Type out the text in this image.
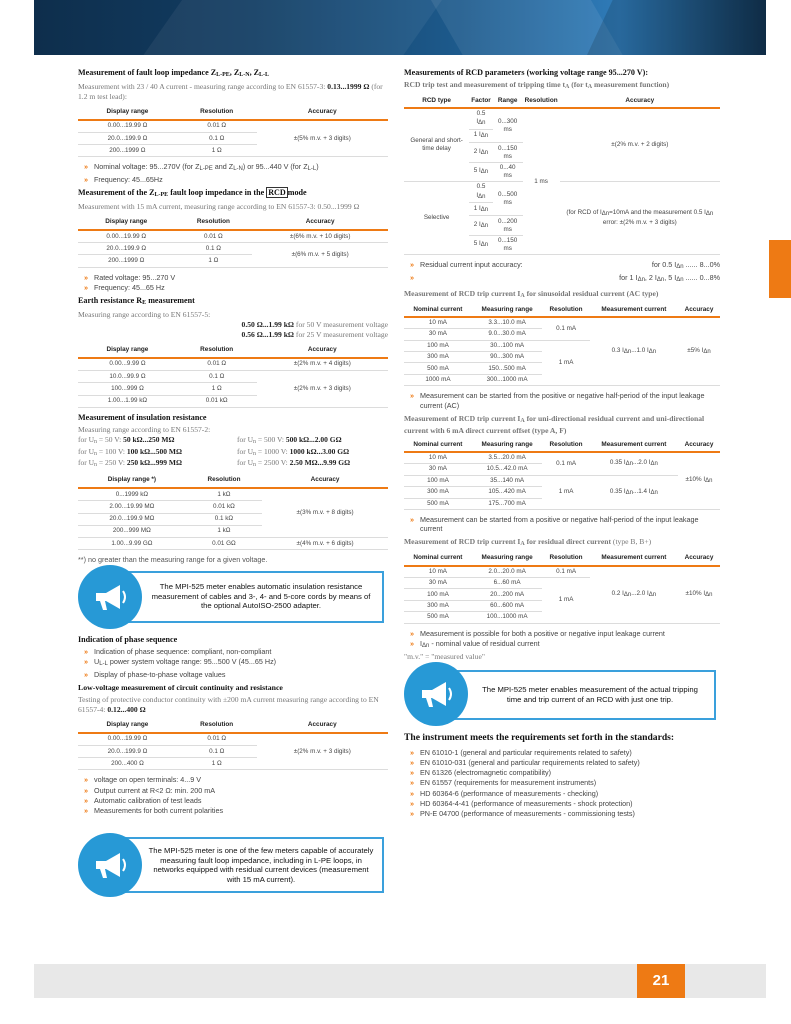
Measurement of fault loop impedance ZL-PE, ZL-N, ZL-L
Measurement with 23 / 40 A current - measuring range according to EN 61557-3: 0.13...1999 Ω (for 1.2 m test lead):
Display range	Resolution	Accuracy
0.00...19.99 Ω	0.01 Ω	±(5% m.v. + 3 digits)
20.0...199.9 Ω	0.1 Ω	
200...1999 Ω	1 Ω	
» Nominal voltage: 95...270V (for ZL-PE and ZL-N) or 95...440 V (for ZL-L)
» Frequency: 45...65Hz
Measurement of the ZL-PE fault loop impedance in the RCD mode
Measurement with 15 mA current, measuring range according to EN 61557-3: 0.50...1999 Ω
Display range	Resolution	Accuracy
0.00...19.99 Ω	0.01 Ω	±(6% m.v. + 10 digits)
20.0...199.9 Ω	0.1 Ω	±(6% m.v. + 5 digits)
200...1999 Ω	1 Ω	
» Rated voltage: 95...270 V
» Frequency: 45...65 Hz
Earth resistance RE measurement
Measuring range according to EN 61557-5:
0.50 Ω...1.99 kΩ for 50 V measurement voltage
0.56 Ω...1.99 kΩ for 25 V measurement voltage
Display range	Resolution	Accuracy
0.00...9.99 Ω	0.01 Ω	±(2% m.v. + 4 digits)
10.0...99.9 Ω	0.1 Ω	±(2% m.v. + 3 digits)
100...999 Ω	1 Ω	
1.00...1.99 kΩ	0.01 kΩ	
Measurement of insulation resistance
Measuring range according to EN 61557-2:
for Un = 50 V: 50 kΩ...250 MΩ	for Un = 500 V: 500 kΩ...2.00 GΩ
for Un = 100 V: 100 kΩ...500 MΩ	for Un = 1000 V: 1000 kΩ...3.00 GΩ
for Un = 250 V: 250 kΩ...999 MΩ	for Un = 2500 V: 2.50 MΩ...9.99 GΩ
Display range *)	Resolution	Accuracy
0...1999 kΩ	1 kΩ	±(3% m.v. + 8 digits)
2.00...19.99 MΩ	0.01 kΩ	
20.0...199.9 MΩ	0.1 kΩ	
200...999 MΩ	1 kΩ	
1.00...9.99 GΩ	0.01 GΩ	±(4% m.v. + 6 digits)
**) no greater than the measuring range for a given voltage.
The MPI-525 meter enables automatic insulation resistance measurement of cables and 3-, 4- and 5-core cords by means of the optional AutoISO-2500 adapter.
Indication of phase sequence
» Indication of phase sequence: compliant, non-compliant
» UL-L power system voltage range: 95...500 V (45...65 Hz)
» Display of phase-to-phase voltage values
Low-voltage measurement of circuit continuity and resistance
Testing of protective conductor continuity with ±200 mA current measuring range according to EN 61557-4: 0.12...400 Ω
Display range	Resolution	Accuracy
0.00...19.99 Ω	0.01 Ω	±(2% m.v. + 3 digits)
20.0...199.9 Ω	0.1 Ω	
200...400 Ω	1 Ω	
» voltage on open terminals: 4...9 V
» Output current at R<2 Ω: min. 200 mA
» Automatic calibration of test leads
» Measurements for both current polarities
The MPI-525 meter is one of the few meters capable of accurately measuring fault loop impedance, including in L-PE loops, in networks equipped with residual current devices (measurement with 15 mA current).
Measurements of RCD parameters (working voltage range 95...270 V):
RCD trip test and measurement of tripping time tA (for tA measurement function)
RCD type	Factor	Range	Resolution	Accuracy
General and short-time delay	0.5 IΔn	0...300 ms	1 ms	±(2% m.v. + 2 digits)
	1 IΔn			
	2 IΔn	0...150 ms		
	5 IΔn	0...40 ms		
Selective	0.5 IΔn	0...500 ms		(for RCD of IΔn=10mA and the measurement 0.5 IΔn error: ±(2% m.v. + 3 digits)
	1 IΔn			
	2 IΔn	0...200 ms		
	5 IΔn	0...150 ms		
» Residual current input accuracy:	for 0.5 IΔn ...... 8...0%
» for 1 IΔn, 2 IΔn, 5 IΔn ...... 0...8%
Measurement of RCD trip current IA for sinusoidal residual current (AC type)
Nominal current	Measuring range	Resolution	Measurement current	Accuracy
10 mA	3.3...10.0 mA	0.1 mA	0.3 IΔn...1.0 IΔn	±5% IΔn
30 mA	9.0...30.0 mA			
100 mA	30...100 mA	1 mA		
300 mA	90...300 mA			
500 mA	150...500 mA			
1000 mA	300...1000 mA			
» Measurement can be started from the positive or negative half-period of the input leakage current (AC)
Measurement of RCD trip current IA for uni-directional residual current and uni-directional current with 6 mA direct current offset (type A, F)
Nominal current	Measuring range	Resolution	Measurement current	Accuracy
10 mA	3.5...20.0 mA	0.1 mA	0.35 IΔn...2.0 IΔn	±10% IΔn
30 mA	10.5...42.0 mA			
100 mA	35...140 mA	1 mA	0.35 IΔn...1.4 IΔn	
300 mA	105...420 mA			
500 mA	175...700 mA			
» Measurement can be started from a positive or negative half-period of the input leakage current
Measurement of RCD trip current IA for residual direct current (type B, B+)
Nominal current	Measuring range	Resolution	Measurement current	Accuracy
10 mA	2.0...20.0 mA	0.1 mA	0.2 IΔn...2.0 IΔn	±10% IΔn
30 mA	6...60 mA	1 mA		
100 mA	20...200 mA			
300 mA	60...600 mA			
500 mA	100...1000 mA			
» Measurement is possible for both a positive or negative input leakage current
» IΔn - nominal value of residual current
"m.v." = "measured value"
The MPI-525 meter enables measurement of the actual tripping time and trip current of an RCD with just one trip.
The instrument meets the requirements set forth in the standards:
» EN 61010-1 (general and particular requirements related to safety)
» EN 61010-031 (general and particular requirements related to safety)
» EN 61326 (electromagnetic compatibility)
» EN 61557 (requirements for measurement instruments)
» HD 60364-6 (performance of measurements - checking)
» HD 60364-4-41 (performance of measurements - shock protection)
» PN-E 04700 (performance of measurements - commissioning tests)
21
